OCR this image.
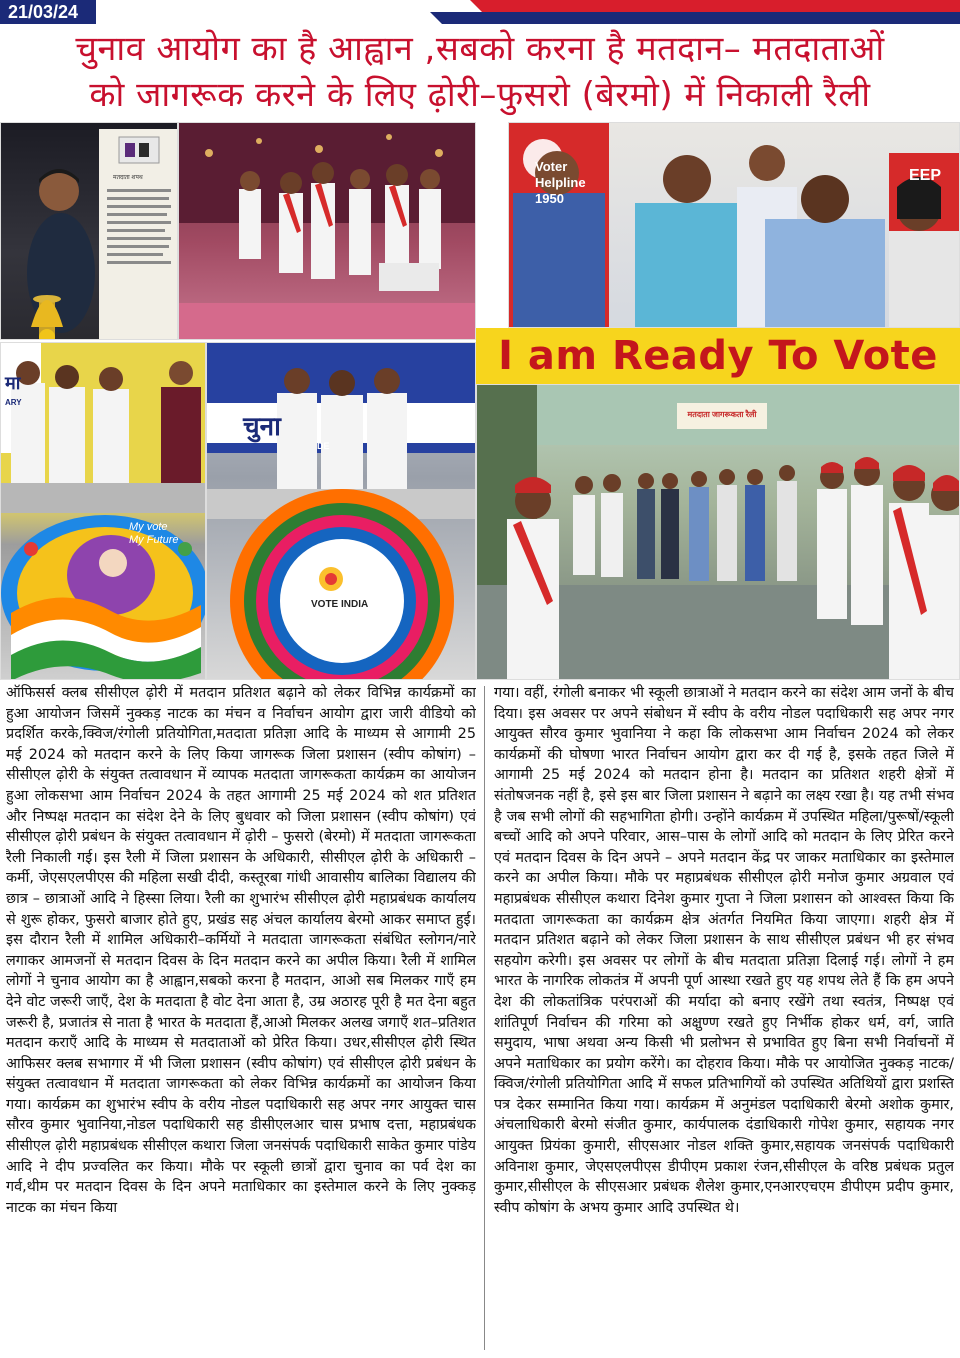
21/03/24
चुनाव आयोग का है आह्वान ,सबको करना है मतदान– मतदाताओं
को जागरूक करने के लिए ढ़ोरी–फुसरो (बेरमो) में निकाली रैली
मतदाता शपथ
Voter
Helpline
1950
EEP
I am Ready To Vote
मा
ARY
My vote
My Future
चुना
DE
VOTE INDIA
मतदाता जागरूकता रैली
ऑफिसर्स क्लब सीसीएल ढ़ोरी में मतदान प्रतिशत बढ़ाने को लेकर विभिन्न कार्यक्रमों का हुआ आयोजन जिसमें नुक्कड़ नाटक का मंचन व निर्वाचन आयोग द्वारा जारी वीडियो को प्रदर्शित करके,क्विज/रंगोली प्रतियोगिता,मतदाता प्रतिज्ञा आदि के माध्यम से आगामी 25 मई 2024 को मतदान करने के लिए किया जागरूक जिला प्रशासन (स्वीप कोषांग) – सीसीएल ढ़ोरी के संयुक्त तत्वावधान में व्यापक मतदाता जागरूकता कार्यक्रम का आयोजन हुआ लोकसभा आम निर्वाचन 2024 के तहत आगामी 25 मई 2024 को शत प्रतिशत और निष्पक्ष मतदान का संदेश देने के लिए बुधवार को जिला प्रशासन (स्वीप कोषांग) एवं सीसीएल ढ़ोरी प्रबंधन के संयुक्त तत्वावधान में ढ़ोरी – फुसरो (बेरमो) में मतदाता जागरूकता रैली निकाली गई। इस रैली में जिला प्रशासन के अधिकारी, सीसीएल ढ़ोरी के अधिकारी –कर्मी, जेएसएलपीएस की महिला सखी दीदी, कस्तूरबा गांधी आवासीय बालिका विद्यालय की छात्र – छात्राओं आदि ने हिस्सा लिया। रैली का शुभारंभ सीसीएल ढ़ोरी महाप्रबंधक कार्यालय से शुरू होकर, फुसरो बाजार होते हुए, प्रखंड सह अंचल कार्यालय बेरमो आकर समाप्त हुई। इस दौरान रैली में शामिल अधिकारी–कर्मियों ने मतदाता जागरूकता संबंधित स्लोगन/नारे लगाकर आमजनों से मतदान दिवस के दिन मतदान करने का अपील किया। रैली में शामिल लोगों ने चुनाव आयोग का है आह्वान,सबको करना है मतदान, आओ सब मिलकर गाएँ हम देने वोट जरूरी जाएँ, देश के मतदाता है वोट देना आता है, उम्र अठारह पूरी है मत देना बहुत जरूरी है, प्रजातंत्र से नाता है भारत के मतदाता हैं,आओ मिलकर अलख जगाएँ शत–प्रतिशत मतदान कराएँ आदि के माध्यम से मतदाताओं को प्रेरित किया। उधर,सीसीएल ढ़ोरी स्थित आफिसर क्लब सभागार में भी जिला प्रशासन (स्वीप कोषांग) एवं सीसीएल ढ़ोरी प्रबंधन के संयुक्त तत्वावधान में मतदाता जागरूकता को लेकर विभिन्न कार्यक्रमों का आयोजन किया गया। कार्यक्रम का शुभारंभ स्वीप के वरीय नोडल पदाधिकारी सह अपर नगर आयुक्त चास सौरव कुमार भुवानिया,नोडल पदाधिकारी सह डीसीएलआर चास प्रभाष दत्ता, महाप्रबंधक सीसीएल ढ़ोरी महाप्रबंधक सीसीएल कथारा जिला जनसंपर्क पदाधिकारी साकेत कुमार पांडेय आदि ने दीप प्रज्वलित कर किया। मौके पर स्कूली छात्रों द्वारा चुनाव का पर्व देश का गर्व,थीम पर मतदान दिवस के दिन अपने मताधिकार का इस्तेमाल करने के लिए नुक्कड़ नाटक का मंचन किया
गया। वहीं, रंगोली बनाकर भी स्कूली छात्राओं ने मतदान करने का संदेश आम जनों के बीच दिया। इस अवसर पर अपने संबोधन में स्वीप के वरीय नोडल पदाधिकारी सह अपर नगर आयुक्त सौरव कुमार भुवानिया ने कहा कि लोकसभा आम निर्वाचन 2024 को लेकर कार्यक्रमों की घोषणा भारत निर्वाचन आयोग द्वारा कर दी गई है, इसके तहत जिले में आगामी 25 मई 2024 को मतदान होना है। मतदान का प्रतिशत शहरी क्षेत्रों में संतोषजनक नहीं है, इसे इस बार जिला प्रशासन ने बढ़ाने का लक्ष्य रखा है। यह तभी संभव है जब सभी लोगों की सहभागिता होगी। उन्होंने कार्यक्रम में उपस्थित महिला/पुरूषों/स्कूली बच्चों आदि को अपने परिवार, आस–पास के लोगों आदि को मतदान के लिए प्रेरित करने एवं मतदान दिवस के दिन अपने – अपने मतदान केंद्र पर जाकर मताधिकार का इस्तेमाल करने का अपील किया। मौके पर महाप्रबंधक सीसीएल ढ़ोरी मनोज कुमार अग्रवाल एवं महाप्रबंधक सीसीएल कथारा दिनेश कुमार गुप्ता ने जिला प्रशासन को आश्वस्त किया कि मतदाता जागरूकता का कार्यक्रम क्षेत्र अंतर्गत नियमित किया जाएगा। शहरी क्षेत्र में मतदान प्रतिशत बढ़ाने को लेकर जिला प्रशासन के साथ सीसीएल प्रबंधन भी हर संभव सहयोग करेगी। इस अवसर पर लोगों के बीच मतदाता प्रतिज्ञा दिलाई गई। लोगों ने हम भारत के नागरिक लोकतंत्र में अपनी पूर्ण आस्था रखते हुए यह शपथ लेते हैं कि हम अपने देश की लोकतांत्रिक परंपराओं की मर्यादा को बनाए रखेंगे तथा स्वतंत्र, निष्पक्ष एवं शांतिपूर्ण निर्वाचन की गरिमा को अक्षुण्ण रखते हुए निर्भीक होकर धर्म, वर्ग, जाति समुदाय, भाषा अथवा अन्य किसी भी प्रलोभन से प्रभावित हुए बिना सभी निर्वाचनों में अपने मताधिकार का प्रयोग करेंगे। का दोहराव किया। मौके पर आयोजित नुक्कड़ नाटक/क्विज/रंगोली प्रतियोगिता आदि में सफल प्रतिभागियों को उपस्थित अतिथियों द्वारा प्रशस्ति पत्र देकर सम्मानित किया गया। कार्यक्रम में अनुमंडल पदाधिकारी बेरमो अशोक कुमार, अंचलाधिकारी बेरमो संजीत कुमार, कार्यपालक दंडाधिकारी गोपेश कुमार, सहायक नगर आयुक्त प्रियंका कुमारी, सीएसआर नोडल शक्ति कुमार,सहायक जनसंपर्क पदाधिकारी अविनाश कुमार, जेएसएलपीएस डीपीएम प्रकाश रंजन,सीसीएल के वरिष्ठ प्रबंधक प्रतुल कुमार,सीसीएल के सीएसआर प्रबंधक शैलेश कुमार,एनआरएचएम डीपीएम प्रदीप कुमार, स्वीप कोषांग के अभय कुमार आदि उपस्थित थे।
